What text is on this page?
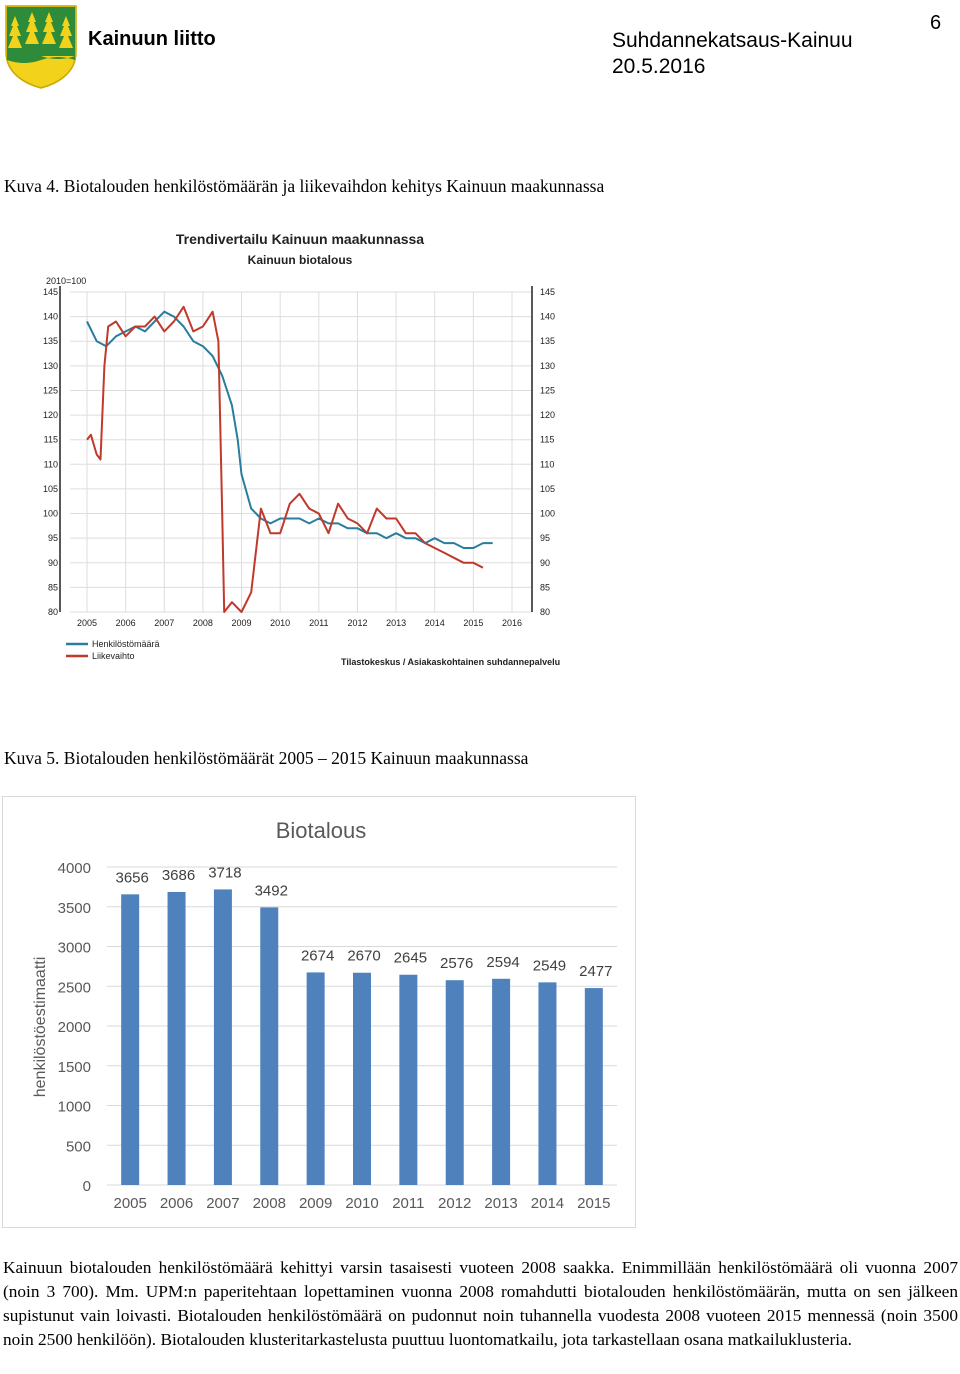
Kainuun liitto	Suhdannekatsaus-Kainuu
20.5.2016
6
Kuva 4. Biotalouden henkilöstömäärän ja liikevaihdon kehitys Kainuun maakunnassa
Trendivertailu Kainuun maakunnassa
Kainuun biotalous
2010=100
80
85
90
95
100
105
110
115
120
125
130
135
140
145
80
85
90
95
100
105
110
115
120
125
130
135
140
145
2005 2006 2007 2008 2009 2010 2011 2012 2013 2014 2015 2016
Henkilöstömäärä
Liikevaihto
Tilastokeskus / Asiakaskohtainen suhdannepalvelu
Kuva 5. Biotalouden henkilöstömäärät 2005 – 2015 Kainuun maakunnassa
Biotalous
henkilöstöestimaatti
0
500
1000
1500
2000
2500
3000
3500
4000
3656 3686 3718
3492
2674 2670 2645 2576 2594 2549 2477
2005 2006 2007 2008 2009 2010 2011 2012 2013 2014 2015

Kainuun biotalouden henkilöstömäärä kehittyi varsin tasaisesti vuoteen 2008 saakka. Enimmillään henkilöstömäärä oli vuonna 2007 (noin 3 700). Mm. UPM:n paperitehtaan lopettaminen vuonna 2008 romahdutti biotalouden henkilöstömäärän, mutta on sen jälkeen supistunut vain loivasti. Biotalouden henkilöstömäärä on pudonnut noin tuhannella vuodesta 2008 vuoteen 2015 mennessä (noin 3500 noin 2500 henkilöön). Biotalouden klusteritarkastelusta puuttuu luontomatkailu, jota tarkastellaan osana matkailuklusteria.
